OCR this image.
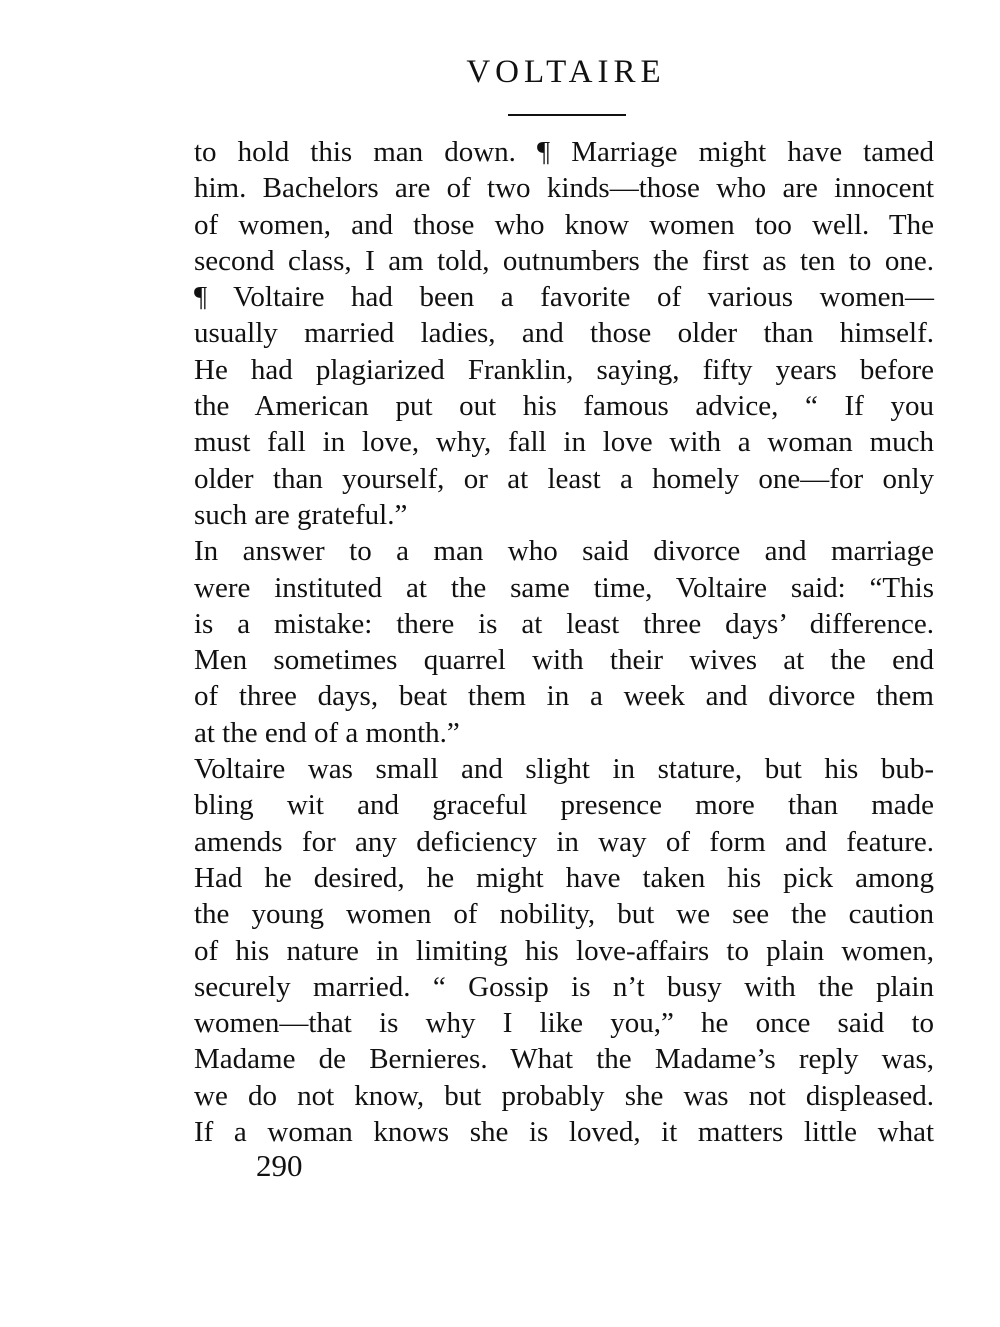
VOLTAIRE
to hold this man down. ¶ Marriage might have tamed
him. Bachelors are of two kinds—those who are innocent
of women, and those who know women too well. The
second class, I am told, outnumbers the first as ten to one.
¶ Voltaire had been a favorite of various women—
usually married ladies, and those older than himself.
He had plagiarized Franklin, saying, fifty years before
the American put out his famous advice, “ If you
must fall in love, why, fall in love with a woman much
older than yourself, or at least a homely one—for only
such are grateful.”
In answer to a man who said divorce and marriage
were instituted at the same time, Voltaire said: “This
is a mistake: there is at least three days’ difference.
Men sometimes quarrel with their wives at the end
of three days, beat them in a week and divorce them
at the end of a month.”
Voltaire was small and slight in stature, but his bub-
bling wit and graceful presence more than made
amends for any deficiency in way of form and feature.
Had he desired, he might have taken his pick among
the young women of nobility, but we see the caution
of his nature in limiting his love-affairs to plain women,
securely married. “ Gossip is n’t busy with the plain
women—that is why I like you,” he once said to
Madame de Bernieres. What the Madame’s reply was,
we do not know, but probably she was not displeased.
If a woman knows she is loved, it matters little what
290
